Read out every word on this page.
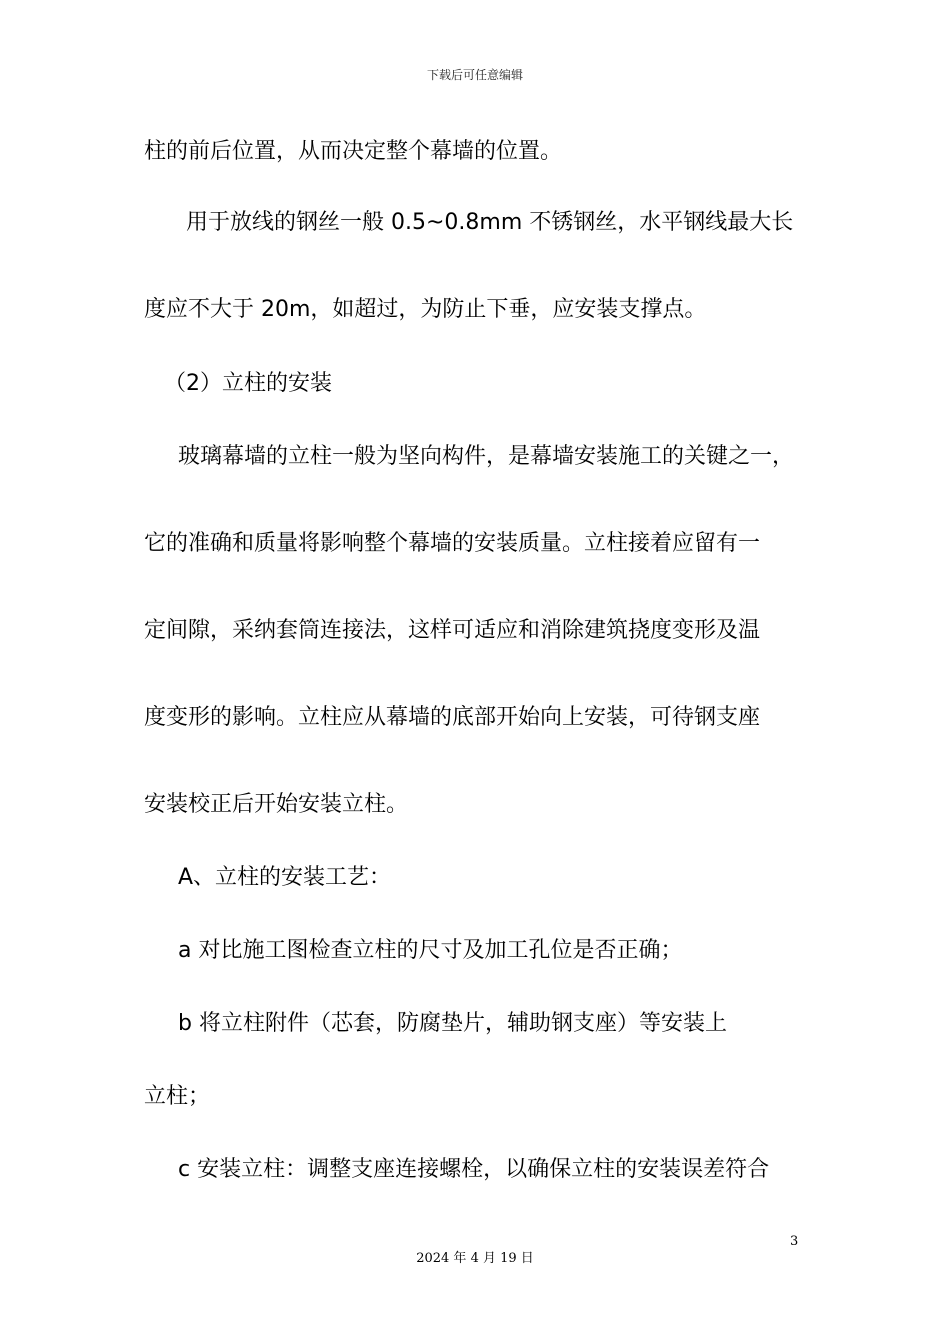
下载后可任意编辑
柱的前后位置，从而决定整个幕墙的位置。
用于放线的钢丝一般 0.5~0.8mm 不锈钢丝，水平钢线最大长
度应不大于 20m，如超过，为防止下垂，应安装支撑点。
（2）立柱的安装
玻璃幕墙的立柱一般为坚向构件，是幕墙安装施工的关键之一，
它的准确和质量将影响整个幕墙的安装质量。立柱接着应留有一
定间隙，采纳套筒连接法，这样可适应和消除建筑挠度变形及温
度变形的影响。立柱应从幕墙的底部开始向上安装，可待钢支座
安装校正后开始安装立柱。
A、立柱的安装工艺：
a 对比施工图检查立柱的尺寸及加工孔位是否正确；
b 将立柱附件（芯套，防腐垫片，辅助钢支座）等安装上
立柱；
c 安装立柱：调整支座连接螺栓，以确保立柱的安装误差符合
3
2024 年 4 月 19 日
